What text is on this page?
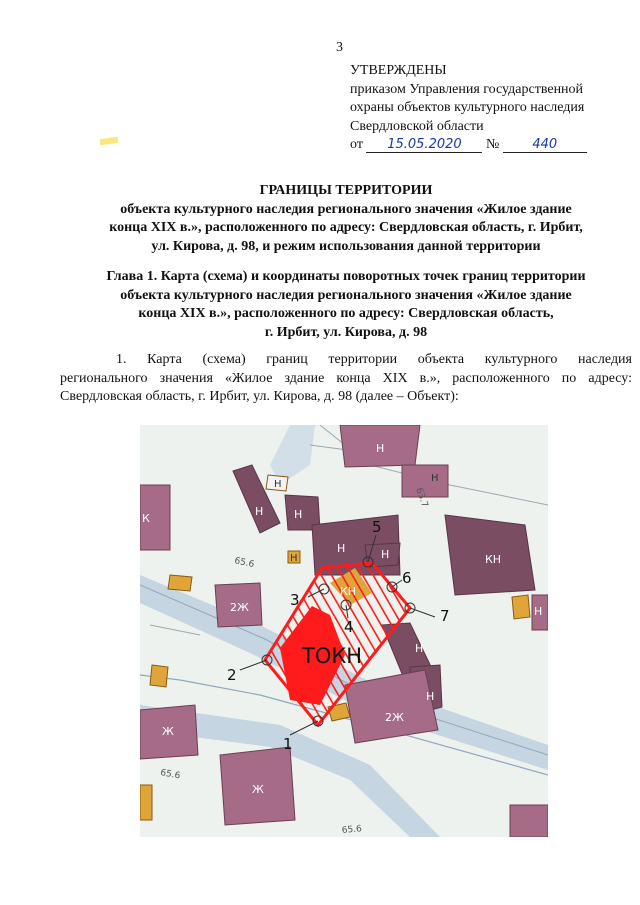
3
УТВЕРЖДЕНЫ
приказом Управления государственной
охраны объектов культурного наследия
Свердловской области
от 15.05.2020 №	440
ГРАНИЦЫ ТЕРРИТОРИИ
объекта культурного наследия регионального значения «Жилое здание
конца XIX в.», расположенного по адресу: Свердловская область, г. Ирбит,
ул. Кирова, д. 98, и режим использования данной территории
Глава 1. Карта (схема) и координаты поворотных точек границ территории
объекта культурного наследия регионального значения «Жилое здание
конца XIX в.», расположенного по адресу: Свердловская область,
г. Ирбит, ул. Кирова, д. 98
1. Карта (схема) границ территории объекта культурного наследия
регионального значения «Жилое здание конца XIX в.», расположенного по адресу: Свердловская область, г. Ирбит, ул. Кирова, д. 98 (далее – Объект):
Н
К
Н	Н
Н	Н
Н
Н
Н
КН
КН
2Ж
2Ж
Ж
Ж
Н
Н
Н
ТОКН
1
2
3
4
5
6
7
65.6
65.6
65.6
63.7
